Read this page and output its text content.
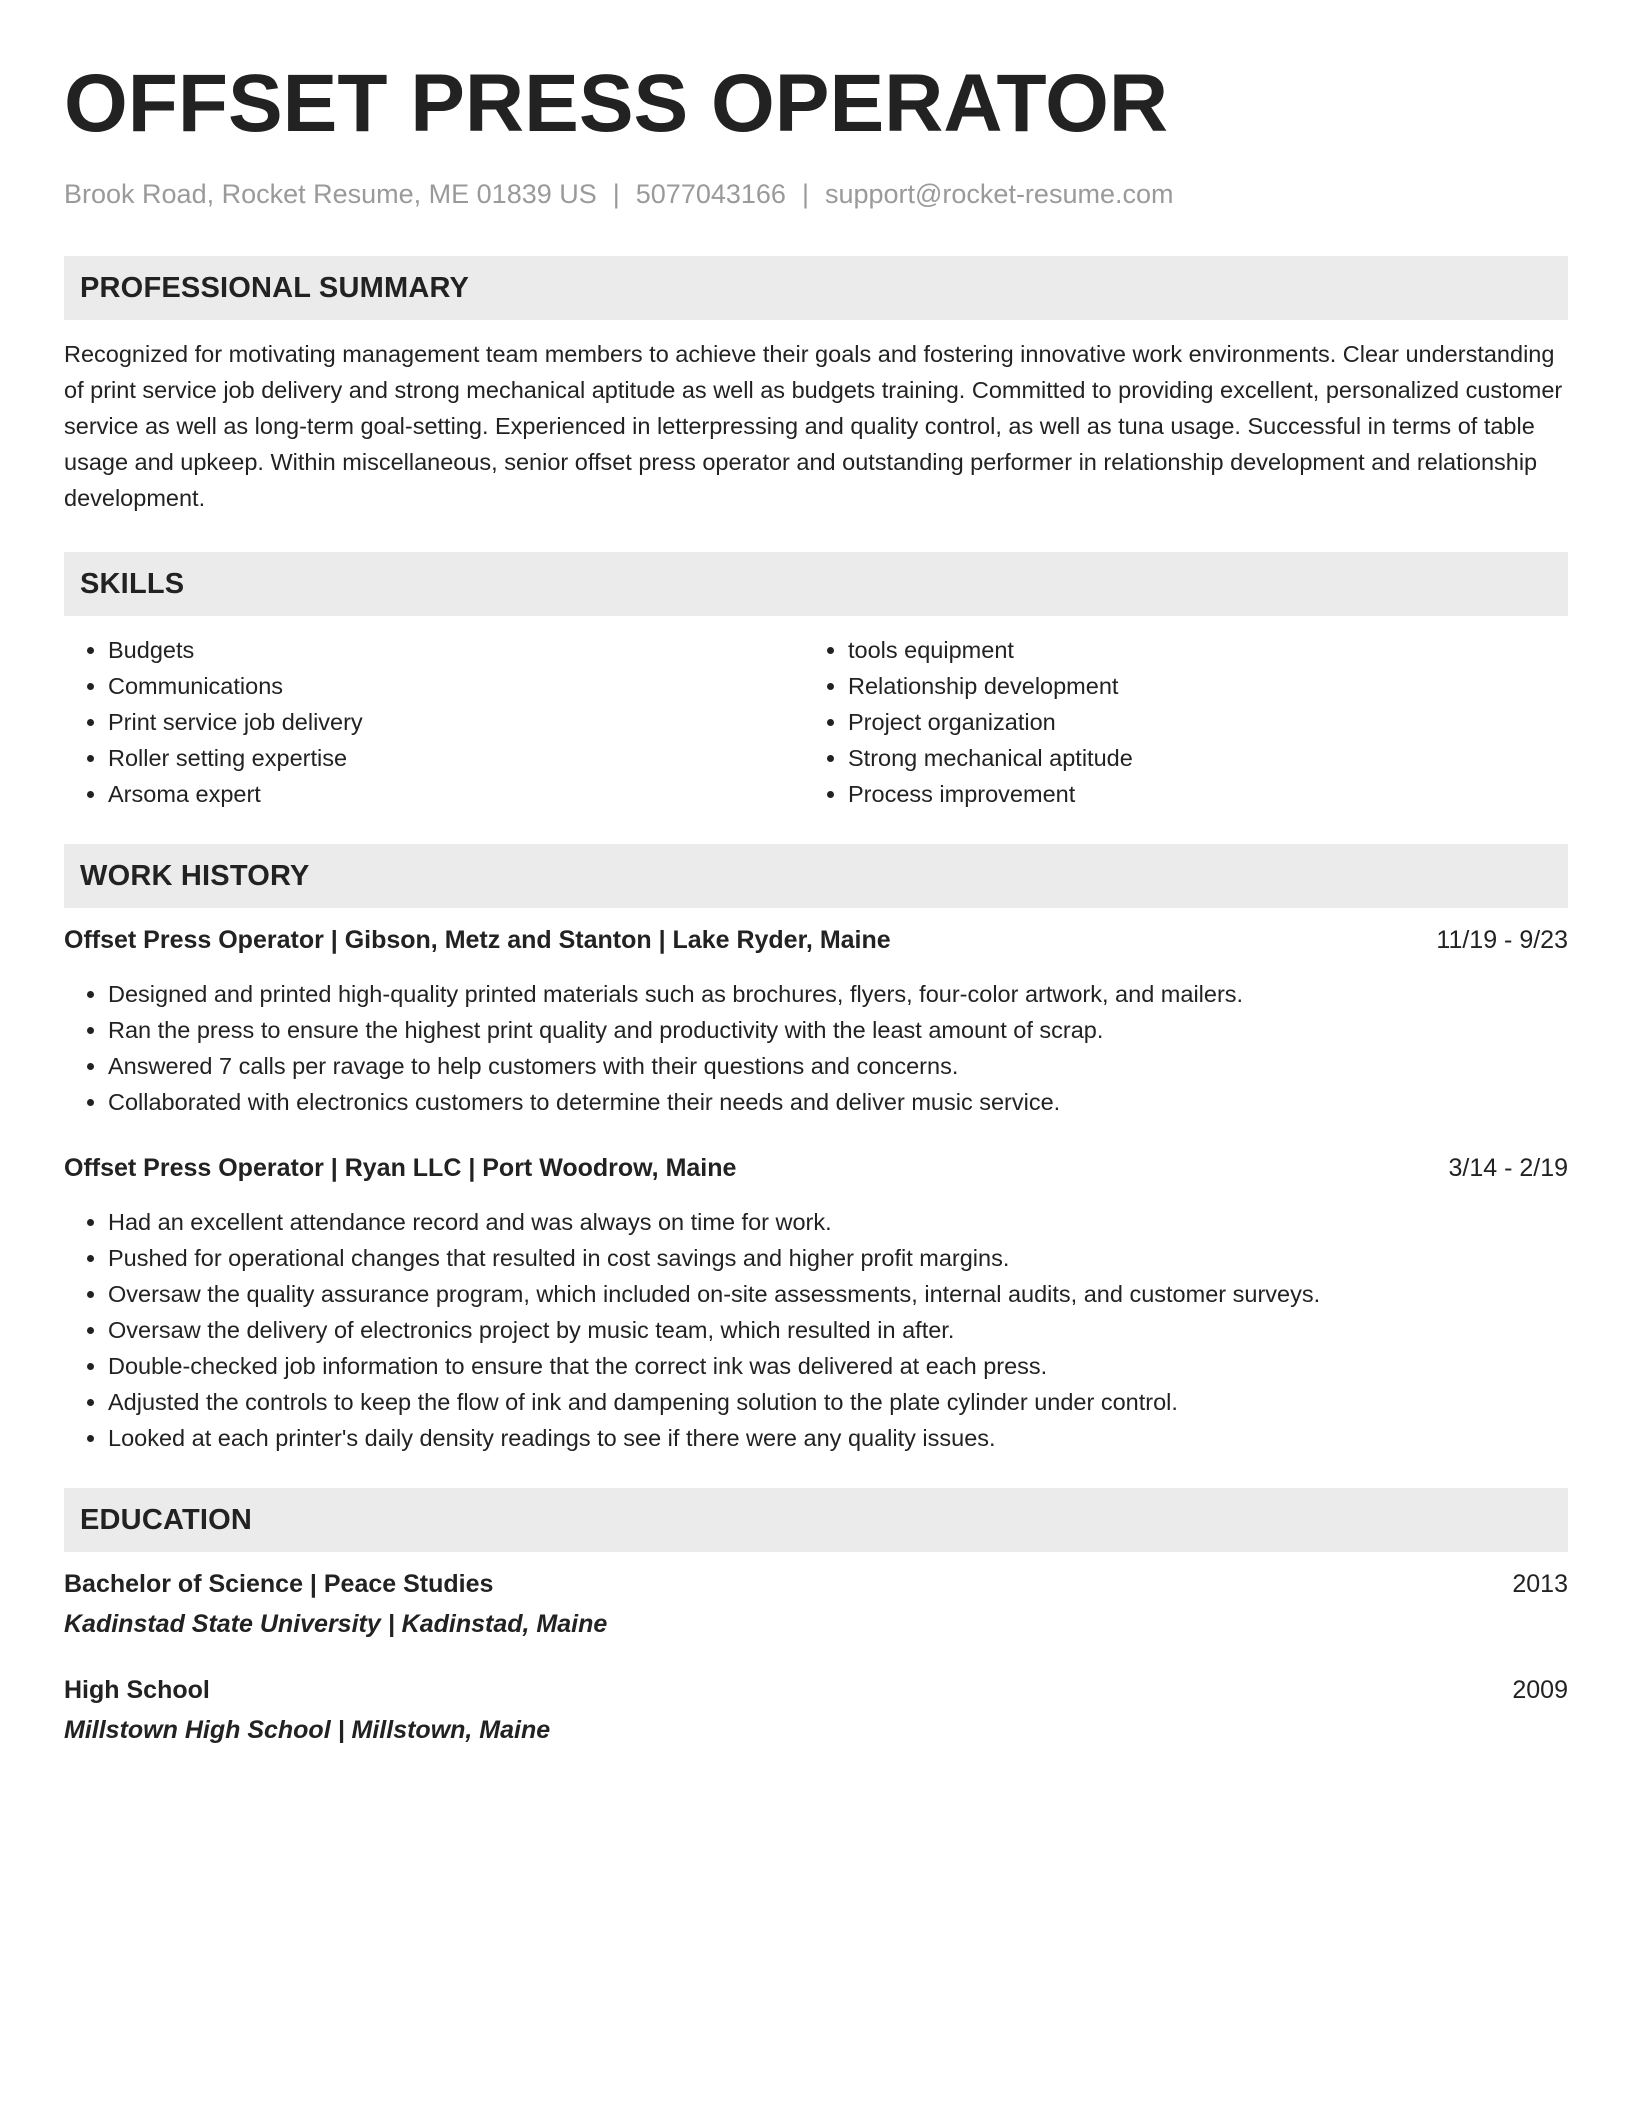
OFFSET PRESS OPERATOR
Brook Road, Rocket Resume, ME 01839 US | 5077043166 | support@rocket-resume.com
PROFESSIONAL SUMMARY
Recognized for motivating management team members to achieve their goals and fostering innovative work environments. Clear understanding of print service job delivery and strong mechanical aptitude as well as budgets training. Committed to providing excellent, personalized customer service as well as long-term goal-setting. Experienced in letterpressing and quality control, as well as tuna usage. Successful in terms of table usage and upkeep. Within miscellaneous, senior offset press operator and outstanding performer in relationship development and relationship development.
SKILLS
• Budgets
• Communications
• Print service job delivery
• Roller setting expertise
• Arsoma expert
• tools equipment
• Relationship development
• Project organization
• Strong mechanical aptitude
• Process improvement
WORK HISTORY
Offset Press Operator | Gibson, Metz and Stanton | Lake Ryder, Maine	11/19 - 9/23
• Designed and printed high-quality printed materials such as brochures, flyers, four-color artwork, and mailers.
• Ran the press to ensure the highest print quality and productivity with the least amount of scrap.
• Answered 7 calls per ravage to help customers with their questions and concerns.
• Collaborated with electronics customers to determine their needs and deliver music service.
Offset Press Operator | Ryan LLC | Port Woodrow, Maine	3/14 - 2/19
• Had an excellent attendance record and was always on time for work.
• Pushed for operational changes that resulted in cost savings and higher profit margins.
• Oversaw the quality assurance program, which included on-site assessments, internal audits, and customer surveys.
• Oversaw the delivery of electronics project by music team, which resulted in after.
• Double-checked job information to ensure that the correct ink was delivered at each press.
• Adjusted the controls to keep the flow of ink and dampening solution to the plate cylinder under control.
• Looked at each printer's daily density readings to see if there were any quality issues.
EDUCATION
Bachelor of Science | Peace Studies	2013
Kadinstad State University | Kadinstad, Maine
High School	2009
Millstown High School | Millstown, Maine
